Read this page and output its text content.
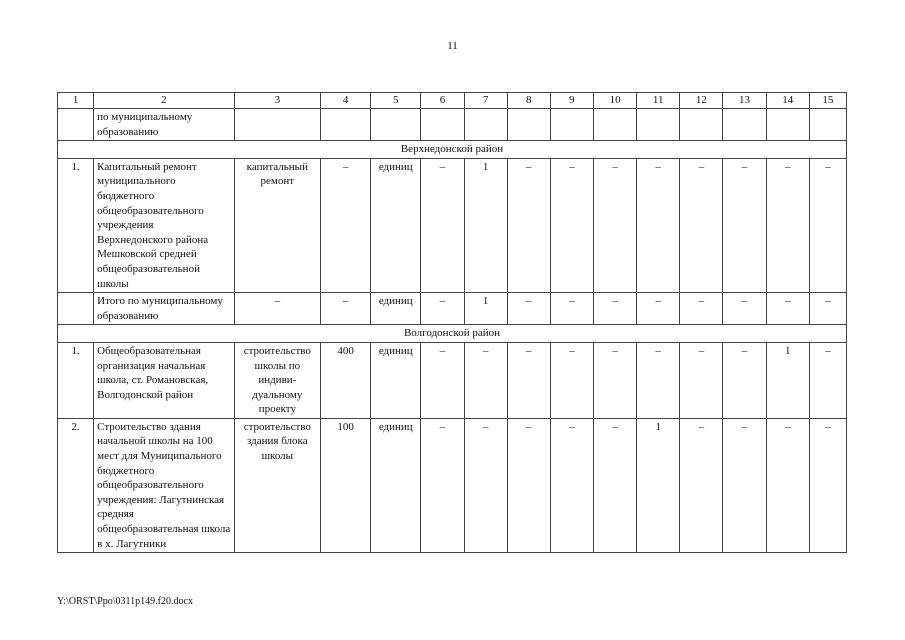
11
1	2	3	4	5	6	7	8	9	10	11	12	13	14	15
	по муниципальному образованию													
Верхнедонской район														
1.	Капитальный ремонт муниципального бюджетного общеобразовательного учреждения Верхнедонского района Мешковской средней общеобразовательной школы	капитальный ремонт	–	единиц	–	1	–	–	–	–	–	–	–	–
	Итого по муниципальному образованию	–	–	единиц	–	1	–	–	–	–	–	–	–	–
Волгодонской район														
1.	Общеобразовательная организация начальная школа, ст. Романовская, Волгодонской район	строительство школы по индиви-дуальному проекту	400	единиц	–	–	–	–	–	–	–	–	1	–
2.	Строительство здания начальной школы на 100 мест для Муниципального бюджетного общеобразовательного учреждения: Лагутнинская средняя общеобразовательная школа в х. Лагутники	строительство здания блока школы	100	единиц	–	–	–	–	–	1	–	–	–	–
Y:\ORST\Ppo\0311p149.f20.docx
